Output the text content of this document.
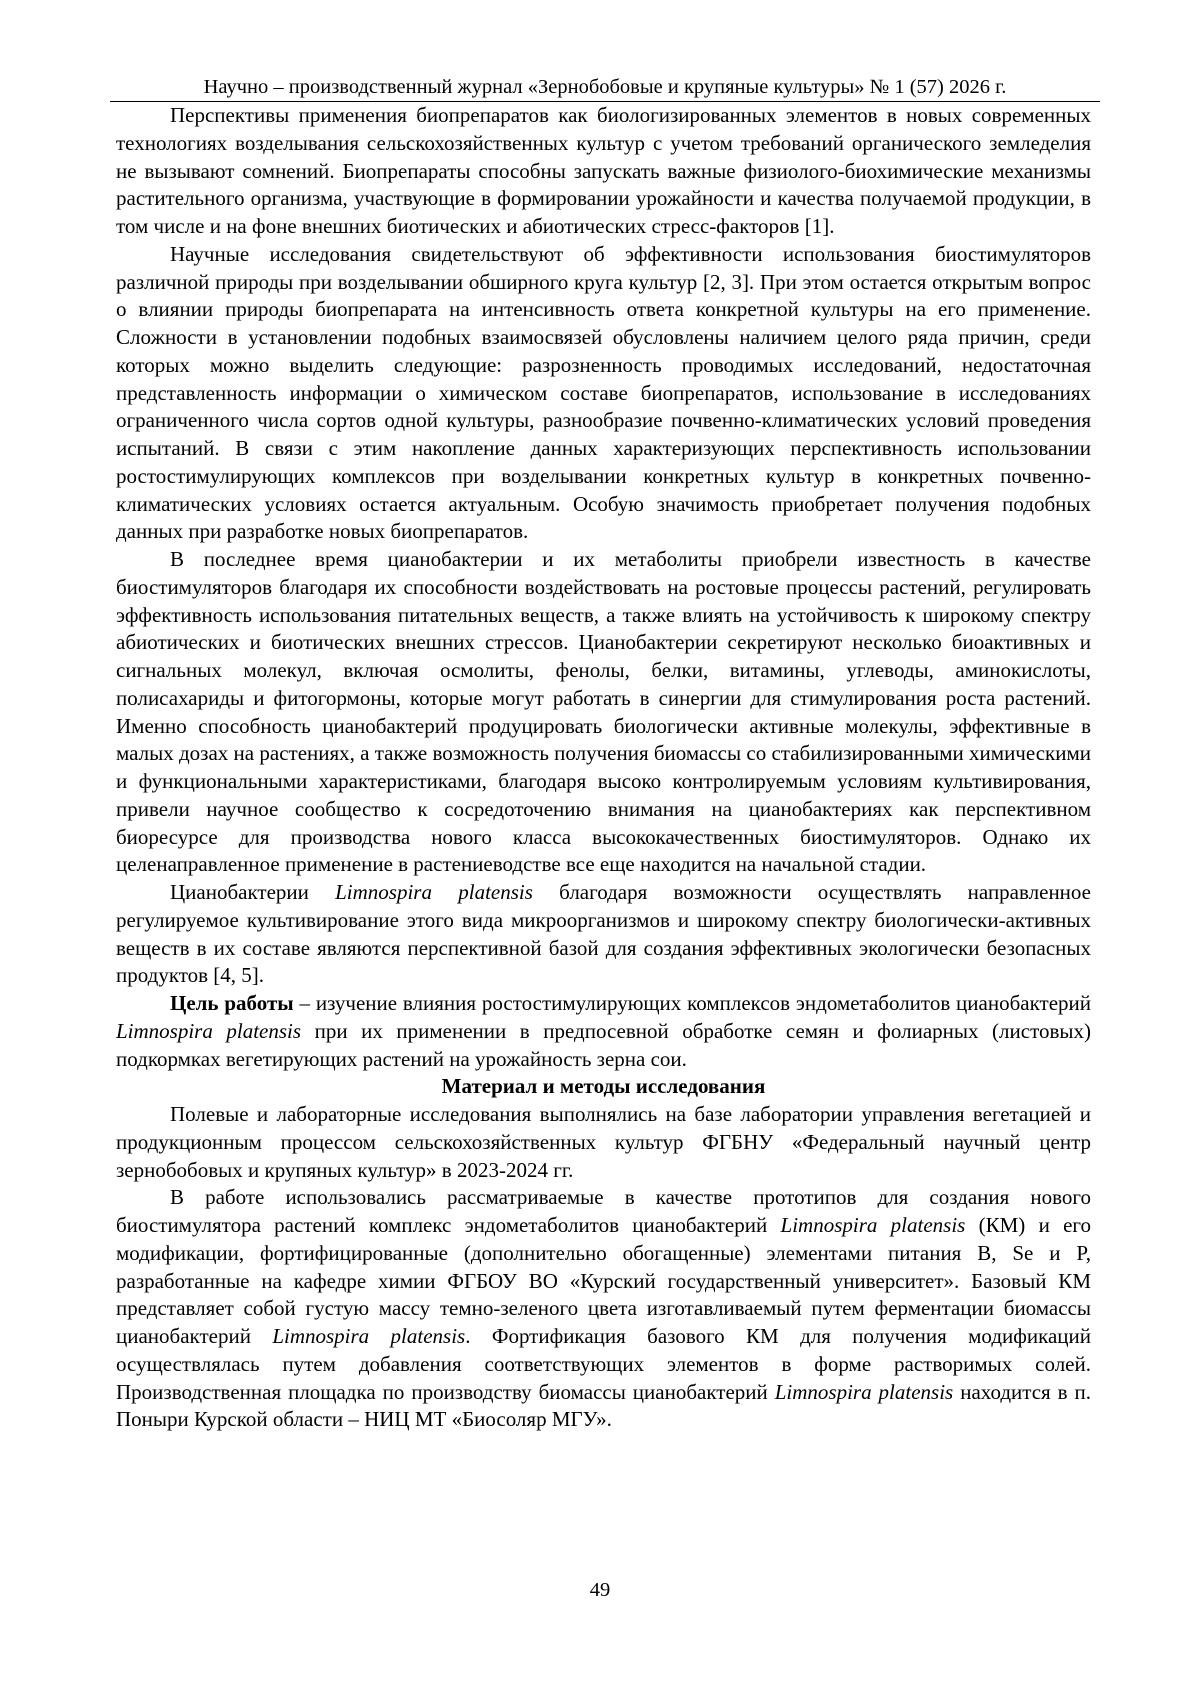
Научно – производственный журнал «Зернобобовые и крупяные культуры» № 1 (57) 2026 г.

Перспективы применения биопрепаратов как биологизированных элементов в новых современных технологиях возделывания сельскохозяйственных культур с учетом требований органического земледелия не вызывают сомнений. Биопрепараты способны запускать важные физиолого-биохимические механизмы растительного организма, участвующие в формировании урожайности и качества получаемой продукции, в том числе и на фоне внешних биотических и абиотических стресс-факторов [1].

Научные исследования свидетельствуют об эффективности использования биостимуляторов различной природы при возделывании обширного круга культур [2, 3]. При этом остается открытым вопрос о влиянии природы биопрепарата на интенсивность ответа конкретной культуры на его применение. Сложности в установлении подобных взаимосвязей обусловлены наличием целого ряда причин, среди которых можно выделить следующие: разрозненность проводимых исследований, недостаточная представленность информации о химическом составе биопрепаратов, использование в исследованиях ограниченного числа сортов одной культуры, разнообразие почвенно-климатических условий проведения испытаний. В связи с этим накопление данных характеризующих перспективность использовании ростостимулирующих комплексов при возделывании конкретных культур в конкретных почвенно-климатических условиях остается актуальным. Особую значимость приобретает получения подобных данных при разработке новых биопрепаратов.

В последнее время цианобактерии и их метаболиты приобрели известность в качестве биостимуляторов благодаря их способности воздействовать на ростовые процессы растений, регулировать эффективность использования питательных веществ, а также влиять на устойчивость к широкому спектру абиотических и биотических внешних стрессов. Цианобактерии секретируют несколько биоактивных и сигнальных молекул, включая осмолиты, фенолы, белки, витамины, углеводы, аминокислоты, полисахариды и фитогормоны, которые могут работать в синергии для стимулирования роста растений. Именно способность цианобактерий продуцировать биологически активные молекулы, эффективные в малых дозах на растениях, а также возможность получения биомассы со стабилизированными химическими и функциональными характеристиками, благодаря высоко контролируемым условиям культивирования, привели научное сообщество к сосредоточению внимания на цианобактериях как перспективном биоресурсе для производства нового класса высококачественных биостимуляторов. Однако их целенаправленное применение в растениеводстве все еще находится на начальной стадии.

Цианобактерии Limnospira platensis благодаря возможности осуществлять направленное регулируемое культивирование этого вида микроорганизмов и широкому спектру биологически-активных веществ в их составе являются перспективной базой для создания эффективных экологически безопасных продуктов [4, 5].

Цель работы – изучение влияния ростостимулирующих комплексов эндометаболитов цианобактерий Limnospira platensis при их применении в предпосевной обработке семян и фолиарных (листовых) подкормках вегетирующих растений на урожайность зерна сои.

Материал и методы исследования

Полевые и лабораторные исследования выполнялись на базе лаборатории управления вегетацией и продукционным процессом сельскохозяйственных культур ФГБНУ «Федеральный научный центр зернобобовых и крупяных культур» в 2023-2024 гг.

В работе использовались рассматриваемые в качестве прототипов для создания нового биостимулятора растений комплекс эндометаболитов цианобактерий Limnospira platensis (КМ) и его модификации, фортифицированные (дополнительно обогащенные) элементами питания B, Se и P, разработанные на кафедре химии ФГБОУ ВО «Курский государственный университет». Базовый КМ представляет собой густую массу темно-зеленого цвета изготавливаемый путем ферментации биомассы цианобактерий Limnospira platensis. Фортификация базового КМ для получения модификаций осуществлялась путем добавления соответствующих элементов в форме растворимых солей. Производственная площадка по производству биомассы цианобактерий Limnospira platensis находится в п. Поныри Курской области – НИЦ МТ «Биосоляр МГУ».

49
